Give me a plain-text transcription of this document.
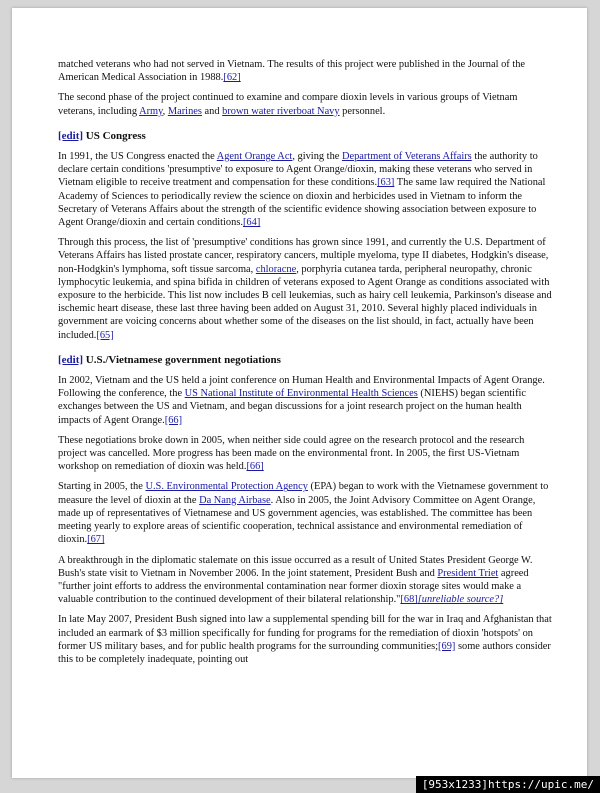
matched veterans who had not served in Vietnam. The results of this project were published in the Journal of the American Medical Association in 1988.[62]

The second phase of the project continued to examine and compare dioxin levels in various groups of Vietnam veterans, including Army, Marines and brown water riverboat Navy personnel.

[edit] US Congress

In 1991, the US Congress enacted the Agent Orange Act, giving the Department of Veterans Affairs the authority to declare certain conditions 'presumptive' to exposure to Agent Orange/dioxin, making these veterans who served in Vietnam eligible to receive treatment and compensation for these conditions.[63] The same law required the National Academy of Sciences to periodically review the science on dioxin and herbicides used in Vietnam to inform the Secretary of Veterans Affairs about the strength of the scientific evidence showing association between exposure to Agent Orange/dioxin and certain conditions.[64]

Through this process, the list of 'presumptive' conditions has grown since 1991, and currently the U.S. Department of Veterans Affairs has listed prostate cancer, respiratory cancers, multiple myeloma, type II diabetes, Hodgkin's disease, non-Hodgkin's lymphoma, soft tissue sarcoma, chloracne, porphyria cutanea tarda, peripheral neuropathy, chronic lymphocytic leukemia, and spina bifida in children of veterans exposed to Agent Orange as conditions associated with exposure to the herbicide. This list now includes B cell leukemias, such as hairy cell leukemia, Parkinson's disease and ischemic heart disease, these last three having been added on August 31, 2010. Several highly placed individuals in government are voicing concerns about whether some of the diseases on the list should, in fact, actually have been included.[65]

[edit] U.S./Vietnamese government negotiations

In 2002, Vietnam and the US held a joint conference on Human Health and Environmental Impacts of Agent Orange. Following the conference, the US National Institute of Environmental Health Sciences (NIEHS) began scientific exchanges between the US and Vietnam, and began discussions for a joint research project on the human health impacts of Agent Orange.[66]

These negotiations broke down in 2005, when neither side could agree on the research protocol and the research project was cancelled. More progress has been made on the environmental front. In 2005, the first US-Vietnam workshop on remediation of dioxin was held.[66]

Starting in 2005, the U.S. Environmental Protection Agency (EPA) began to work with the Vietnamese government to measure the level of dioxin at the Da Nang Airbase. Also in 2005, the Joint Advisory Committee on Agent Orange, made up of representatives of Vietnamese and US government agencies, was established. The committee has been meeting yearly to explore areas of scientific cooperation, technical assistance and environmental remediation of dioxin.[67]

A breakthrough in the diplomatic stalemate on this issue occurred as a result of United States President George W. Bush's state visit to Vietnam in November 2006. In the joint statement, President Bush and President Triet agreed "further joint efforts to address the environmental contamination near former dioxin storage sites would make a valuable contribution to the continued development of their bilateral relationship."[68][unreliable source?]

In late May 2007, President Bush signed into law a supplemental spending bill for the war in Iraq and Afghanistan that included an earmark of $3 million specifically for funding for programs for the remediation of dioxin 'hotspots' on former US military bases, and for public health programs for the surrounding communities;[69] some authors consider this to be completely inadequate, pointing out

[953x1233]https://upic.me/
